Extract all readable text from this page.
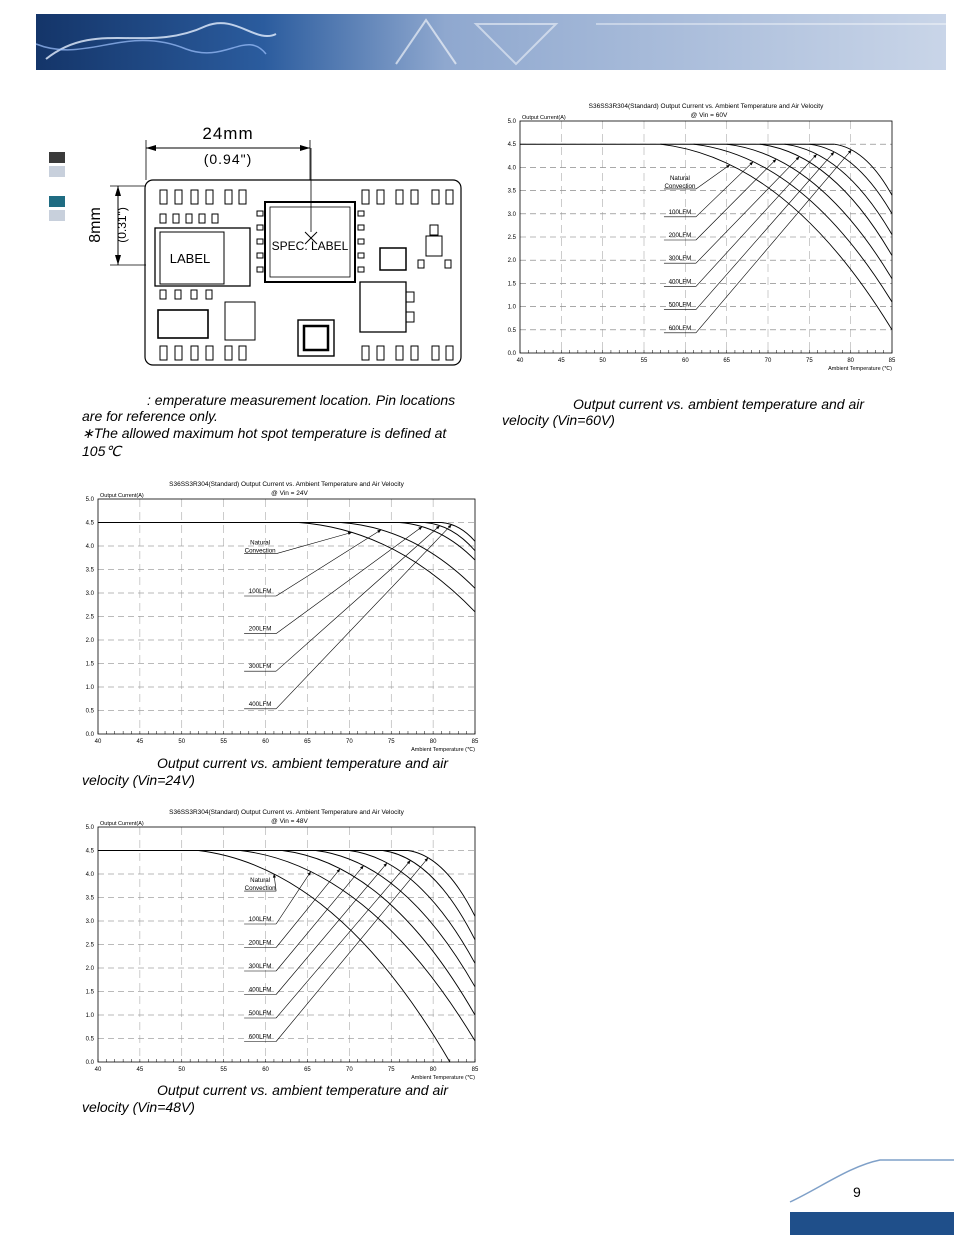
24mm
(0.94")
8mm (0.31")
LABEL
SPEC. LABEL
: emperature measurement location. Pin locations
are for reference only.
∗The allowed maximum hot spot temperature is defined at
105℃
S36SS3R304(Standard) Output Current vs. Ambient Temperature and Air Velocity
@ Vin = 60V
Output Current(A)
Ambient Temperature (℃)
0.0
0.5
1.0
1.5
2.0
2.5
3.0
3.5
4.0
4.5
5.0
40	45	50	55	60	65	70	75	80	85
Natural
Convection
100LFM
200LFM
300LFM
400LFM
500LFM
600LFM
S36SS3R304(Standard) Output Current vs. Ambient Temperature and Air Velocity
@ Vin = 24V
Output Current(A)
Ambient Temperature (℃)
0.0
0.5
1.0
1.5
2.0
2.5
3.0
3.5
4.0
4.5
5.0
40	45	50	55	60	65	70	75	80	85
Natural
Convection
100LFM
200LFM
300LFM
400LFM
S36SS3R304(Standard) Output Current vs. Ambient Temperature and Air Velocity
@ Vin = 48V
Output Current(A)
Ambient Temperature (℃)
0.0
0.5
1.0
1.5
2.0
2.5
3.0
3.5
4.0
4.5
5.0
40	45	50	55	60	65	70	75	80	85
Natural
Convection
100LFM
200LFM
300LFM
400LFM
500LFM
600LFM
Output current vs. ambient temperature and air
velocity (Vin=60V)
Output current vs. ambient temperature and air
velocity (Vin=24V)
Output current vs. ambient temperature and air
velocity (Vin=48V)
9
